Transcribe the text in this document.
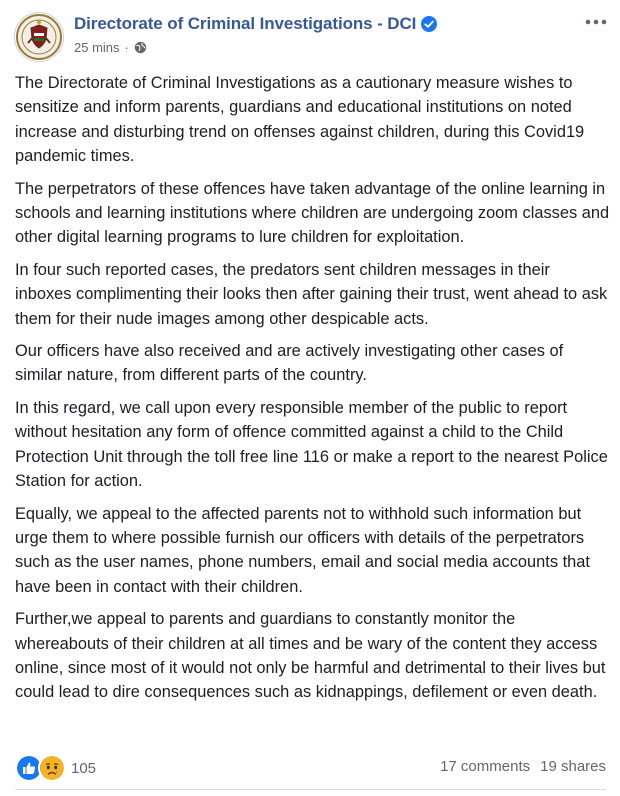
Directorate of Criminal Investigations - DCI
25 mins ·

The Directorate of Criminal Investigations as a cautionary measure wishes to sensitize and inform parents, guardians and educational institutions on noted increase and disturbing trend on offenses against children, during this Covid19 pandemic times.

The perpetrators of these offences have taken advantage of the online learning in schools and learning institutions where children are undergoing zoom classes and other digital learning programs to lure children for exploitation.

In four such reported cases, the predators sent children messages in their inboxes complimenting their looks then after gaining their trust, went ahead to ask them for their nude images among other despicable acts.

Our officers have also received and are actively investigating other cases of similar nature, from different parts of the country.

In this regard, we call upon every responsible member of the public to report without hesitation any form of offence committed against a child to the Child Protection Unit through the toll free line 116 or make a report to the nearest Police Station for action.

Equally, we appeal to the affected parents not to withhold such information but urge them to where possible furnish our officers with details of the perpetrators such as the user names, phone numbers, email and social media accounts that have been in contact with their children.

Further,we appeal to parents and guardians to constantly monitor the whereabouts of their children at all times and be wary of the content they access online, since most of it would not only be harmful and detrimental to their lives but could lead to dire consequences such as kidnappings, defilement or even death.

105	17 comments 19 shares
